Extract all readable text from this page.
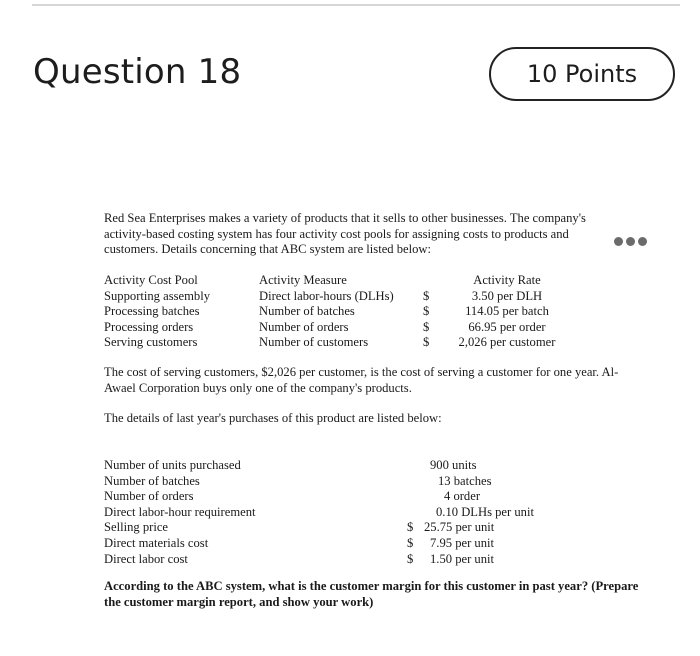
Question 18	10 Points

Red Sea Enterprises makes a variety of products that it sells to other businesses. The company's activity-based costing system has four activity cost pools for assigning costs to products and customers. Details concerning that ABC system are listed below:

Activity Cost Pool	Activity Measure	Activity Rate
Supporting assembly	Direct labor-hours (DLHs) $	3.50 per DLH
Processing batches	Number of batches	$	114.05 per batch
Processing orders	Number of orders	$	66.95 per order
Serving customers	Number of customers	$	2,026 per customer

The cost of serving customers, $2,026 per customer, is the cost of serving a customer for one year. Al-Awael Corporation buys only one of the company's products.

The details of last year's purchases of this product are listed below:

Number of units purchased	900 units
Number of batches	13 batches
Number of orders	4 order
Direct labor-hour requirement	0.10 DLHs per unit
Selling price	$ 25.75 per unit
Direct materials cost	$	7.95 per unit
Direct labor cost	$	1.50 per unit

According to the ABC system, what is the customer margin for this customer in past year? (Prepare the customer margin report, and show your work)
